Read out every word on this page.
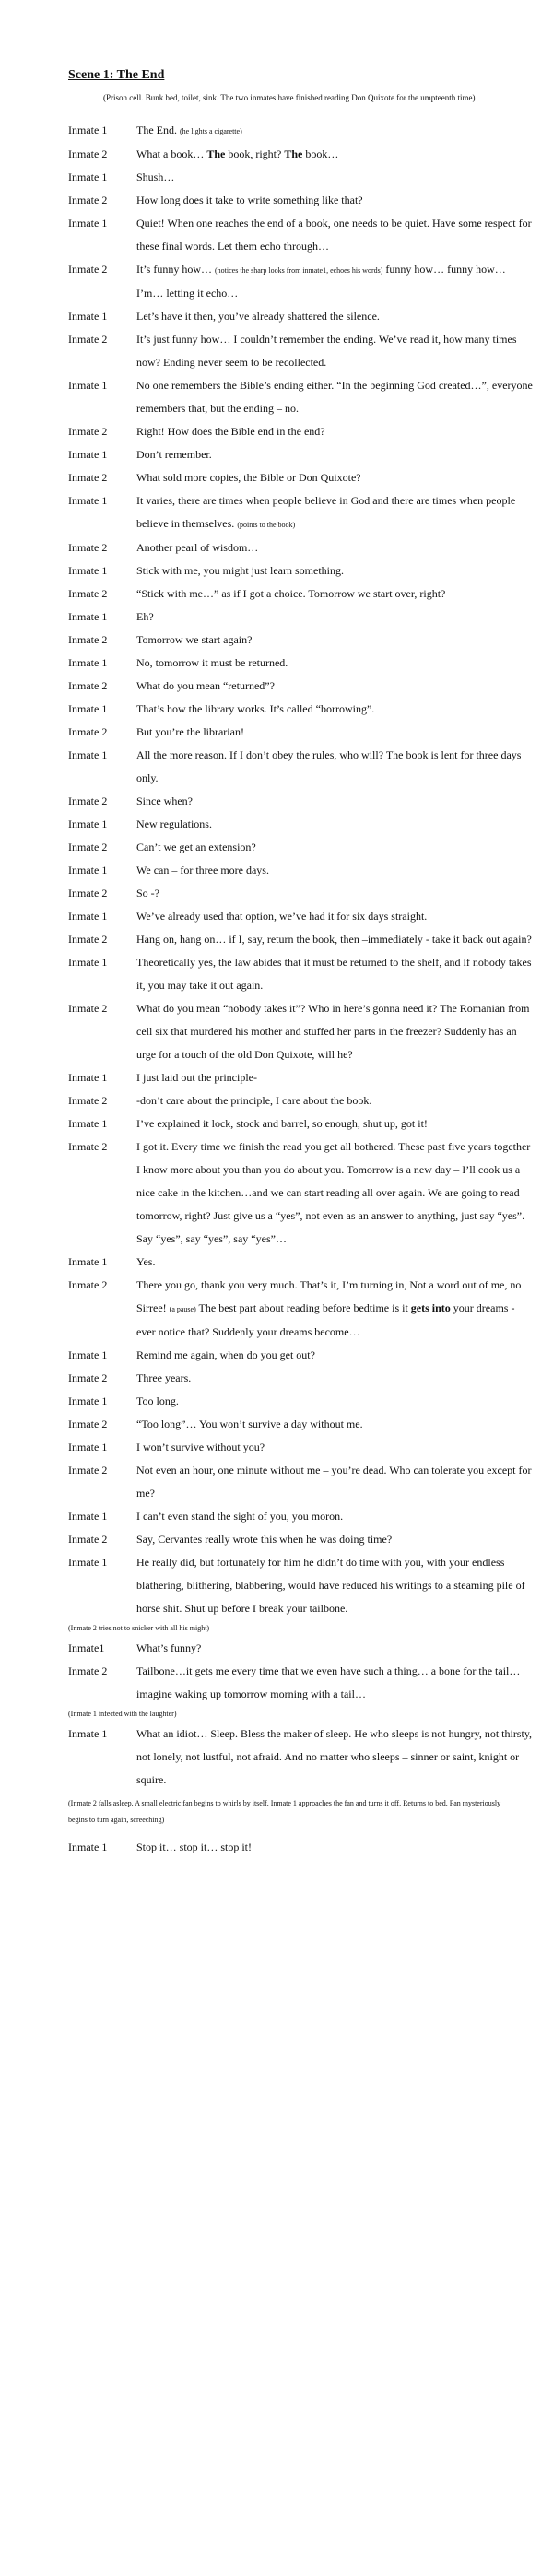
Scene 1: The End
(Prison cell. Bunk bed, toilet, sink. The two inmates have finished reading Don Quixote for the umpteenth time)
Inmate 1	The End. (he lights a cigarette)
Inmate 2	What a book… The book, right? The book…
Inmate 1	Shush…
Inmate 2	How long does it take to write something like that?
Inmate 1	Quiet! When one reaches the end of a book, one needs to be quiet. Have some respect for these final words. Let them echo through…
Inmate 2	It’s funny how… (notices the sharp looks from inmate1, echoes his words) funny how… funny how… I’m… letting it echo…
Inmate 1	Let’s have it then, you’ve already shattered the silence.
Inmate 2	It’s just funny how… I couldn’t remember the ending. We’ve read it, how many times now? Ending never seem to be recollected.
Inmate 1	No one remembers the Bible’s ending either. “In the beginning God created…”, everyone remembers that, but the ending – no.
Inmate 2	Right! How does the Bible end in the end?
Inmate 1	Don’t remember.
Inmate 2	What sold more copies, the Bible or Don Quixote?
Inmate 1	It varies, there are times when people believe in God and there are times when people believe in themselves. (points to the book)
Inmate 2	Another pearl of wisdom…
Inmate 1	Stick with me, you might just learn something.
Inmate 2	“Stick with me…” as if I got a choice. Tomorrow we start over, right?
Inmate 1	Eh?
Inmate 2	Tomorrow we start again?
Inmate 1	No, tomorrow it must be returned.
Inmate 2	What do you mean “returned”?
Inmate 1	That’s how the library works. It’s called “borrowing”.
Inmate 2	But you’re the librarian!
Inmate 1	All the more reason. If I don’t obey the rules, who will? The book is lent for three days only.
Inmate 2	Since when?
Inmate 1	New regulations.
Inmate 2	Can’t we get an extension?
Inmate 1	We can – for three more days.
Inmate 2	So -?
Inmate 1	We’ve already used that option, we’ve had it for six days straight.
Inmate 2	Hang on, hang on… if I, say, return the book, then –immediately - take it back out again?
Inmate 1	Theoretically yes, the law abides that it must be returned to the shelf, and if nobody takes it, you may take it out again.
Inmate 2	What do you mean “nobody takes it”? Who in here’s gonna need it? The Romanian from cell six that murdered his mother and stuffed her parts in the freezer? Suddenly has an urge for a touch of the old Don Quixote, will he?
Inmate 1	I just laid out the principle-
Inmate 2	-don’t care about the principle, I care about the book.
Inmate 1	I’ve explained it lock, stock and barrel, so enough, shut up, got it!
Inmate 2	I got it. Every time we finish the read you get all bothered. These past five years together I know more about you than you do about you. Tomorrow is a new day – I’ll cook us a nice cake in the kitchen…and we can start reading all over again. We are going to read tomorrow, right? Just give us a “yes”, not even as an answer to anything, just say “yes”. Say “yes”, say “yes”, say “yes”…
Inmate 1	Yes.
Inmate 2	There you go, thank you very much. That’s it, I’m turning in, Not a word out of me, no Sirree! (a pause) The best part about reading before bedtime is it gets into your dreams - ever notice that? Suddenly your dreams become…
Inmate 1	Remind me again, when do you get out?
Inmate 2	Three years.
Inmate 1	Too long.
Inmate 2	“Too long”… You won’t survive a day without me.
Inmate 1	I won’t survive without you?
Inmate 2	Not even an hour, one minute without me – you’re dead. Who can tolerate you except for me?
Inmate 1	I can’t even stand the sight of you, you moron.
Inmate 2	Say, Cervantes really wrote this when he was doing time?
Inmate 1	He really did, but fortunately for him he didn’t do time with you, with your endless blathering, blithering, blabbering, would have reduced his writings to a steaming pile of horse shit. Shut up before I break your tailbone.
(Inmate 2 tries not to snicker with all his might)
Inmate1	What’s funny?
Inmate 2	Tailbone…it gets me every time that we even have such a thing… a bone for the tail… imagine waking up tomorrow morning with a tail…
(Inmate 1 infected with the laughter)
Inmate 1	What an idiot… Sleep. Bless the maker of sleep. He who sleeps is not hungry, not thirsty, not lonely, not lustful, not afraid. And no matter who sleeps – sinner or saint, knight or squire.
(Inmate 2 falls asleep. A small electric fan begins to whirls by itself. Inmate 1 approaches the fan and turns it off. Returns to bed. Fan mysteriously begins to turn again, screeching)
Inmate 1	Stop it… stop it… stop it!
